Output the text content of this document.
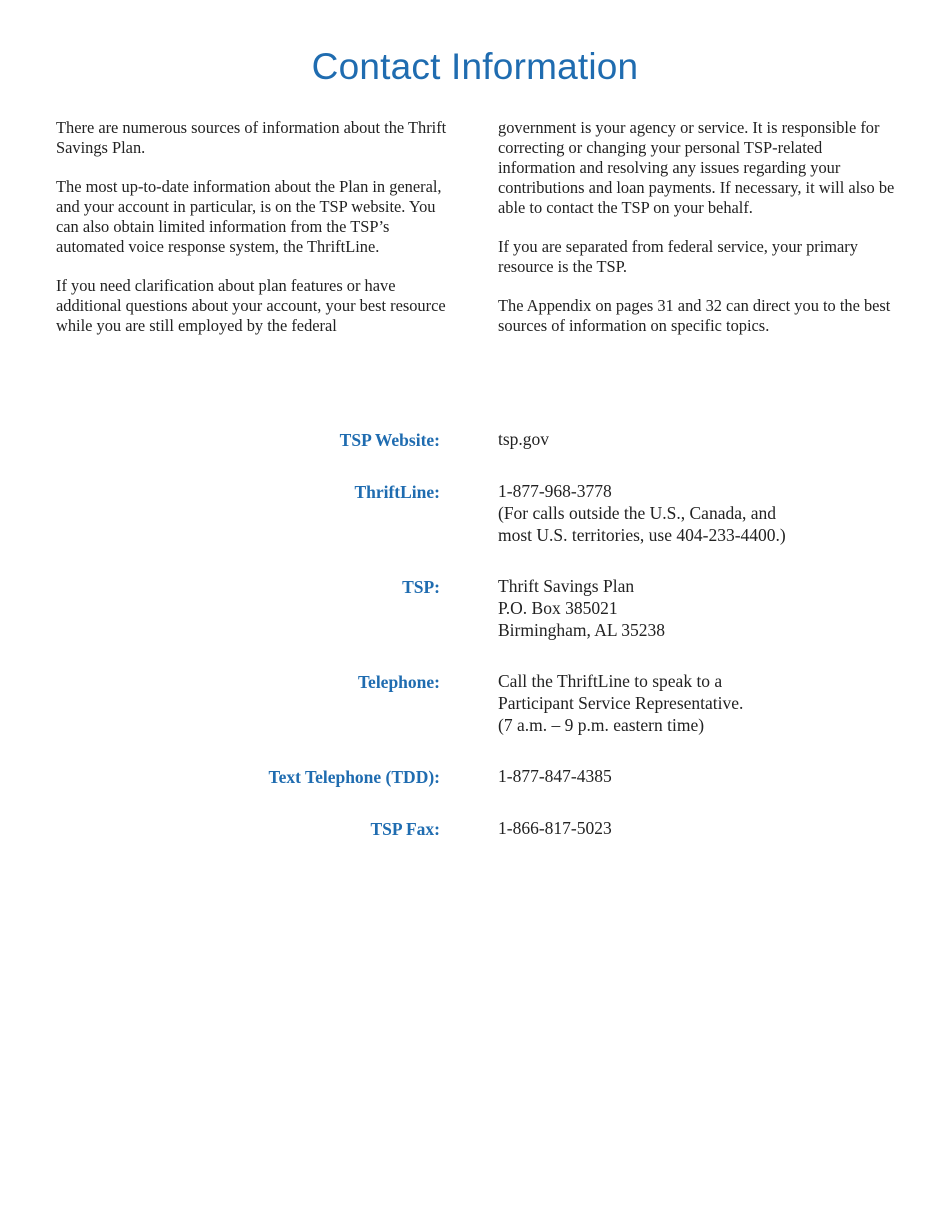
Contact Information

There are numerous sources of information about the Thrift Savings Plan.

The most up-to-date information about the Plan in general, and your account in particular, is on the TSP website. You can also obtain limited information from the TSP’s automated voice response system, the ThriftLine.

If you need clarification about plan features or have additional questions about your account, your best resource while you are still employed by the federal

government is your agency or service. It is responsible for correcting or changing your personal TSP-related information and resolving any issues regarding your contributions and loan payments. If necessary, it will also be able to contact the TSP on your behalf.

If you are separated from federal service, your primary resource is the TSP.

The Appendix on pages 31 and 32 can direct you to the best sources of information on specific topics.

TSP Website:	tsp.gov
ThriftLine:	1-877-968-3778
(For calls outside the U.S., Canada, and
most U.S. territories, use 404-233-4400.)
TSP:	Thrift Savings Plan
P.O. Box 385021
Birmingham, AL 35238
Telephone:	Call the ThriftLine to speak to a
Participant Service Representative.
(7 a.m. – 9 p.m. eastern time)
Text Telephone (TDD):	1-877-847-4385
TSP Fax:	1-866-817-5023
